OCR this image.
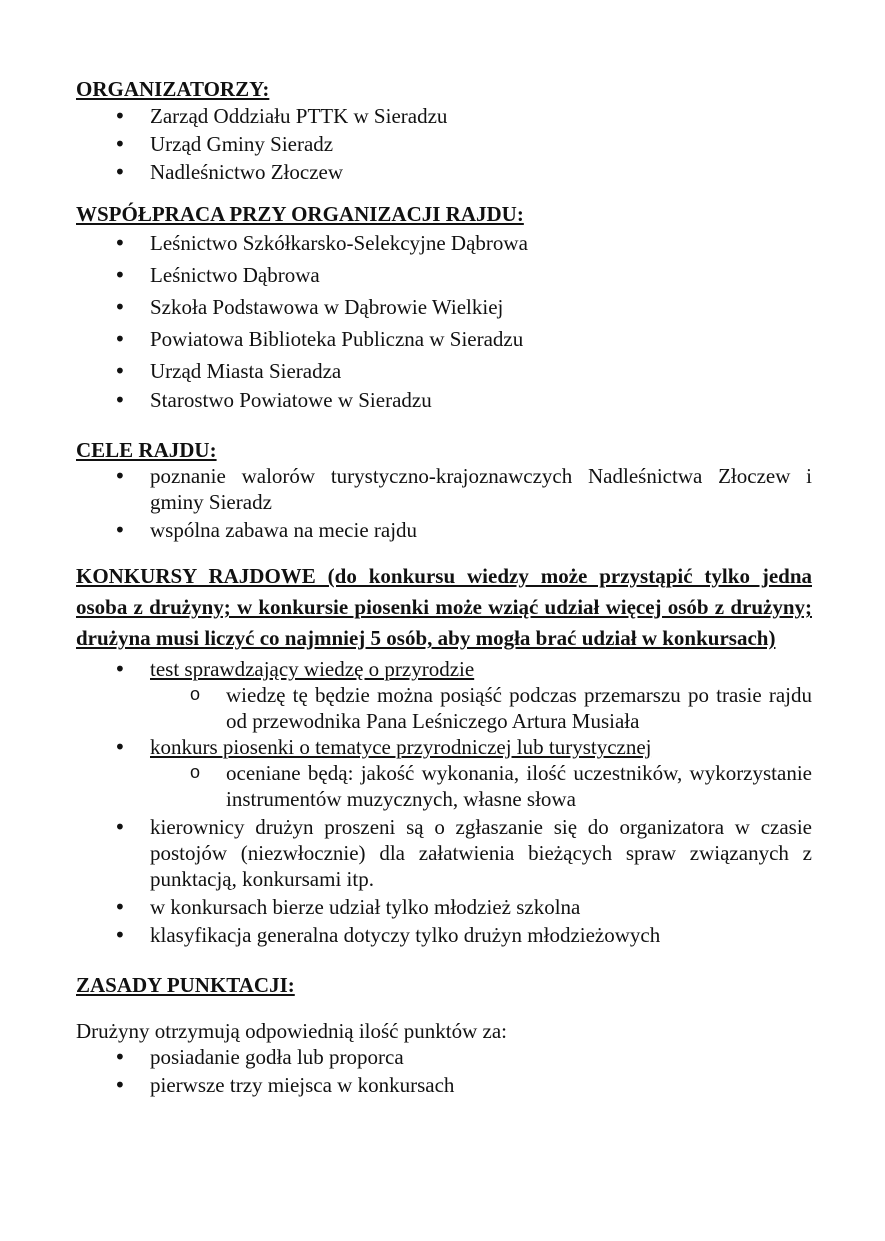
ORGANIZATORZY:

• Zarząd Oddziału PTTK w Sieradzu
• Urząd Gminy Sieradz
• Nadleśnictwo Złoczew

WSPÓŁPRACA PRZY ORGANIZACJI RAJDU:

• Leśnictwo Szkółkarsko-Selekcyjne Dąbrowa
• Leśnictwo Dąbrowa
• Szkoła Podstawowa w Dąbrowie Wielkiej
• Powiatowa Biblioteka Publiczna w Sieradzu
• Urząd Miasta Sieradza
• Starostwo Powiatowe w Sieradzu

CELE RAJDU:

• poznanie walorów turystyczno-krajoznawczych Nadleśnictwa Złoczew i gminy Sieradz
• wspólna zabawa na mecie rajdu

KONKURSY RAJDOWE (do konkursu wiedzy może przystąpić tylko jedna osoba z drużyny; w konkursie piosenki może wziąć udział więcej osób z drużyny; drużyna musi liczyć co najmniej 5 osób, aby mogła brać udział w konkursach)

• test sprawdzający wiedzę o przyrodzie
o wiedzę tę będzie można posiąść podczas przemarszu po trasie rajdu od przewodnika Pana Leśniczego Artura Musiała
• konkurs piosenki o tematyce przyrodniczej lub turystycznej
o oceniane będą: jakość wykonania, ilość uczestników, wykorzystanie instrumentów muzycznych, własne słowa
• kierownicy drużyn proszeni są o zgłaszanie się do organizatora w czasie postojów (niezwłocznie) dla załatwienia bieżących spraw związanych z punktacją, konkursami itp.
• w konkursach bierze udział tylko młodzież szkolna
• klasyfikacja generalna dotyczy tylko drużyn młodzieżowych

ZASADY PUNKTACJI:

Drużyny otrzymują odpowiednią ilość punktów za:

• posiadanie godła lub proporca
• pierwsze trzy miejsca w konkursach
